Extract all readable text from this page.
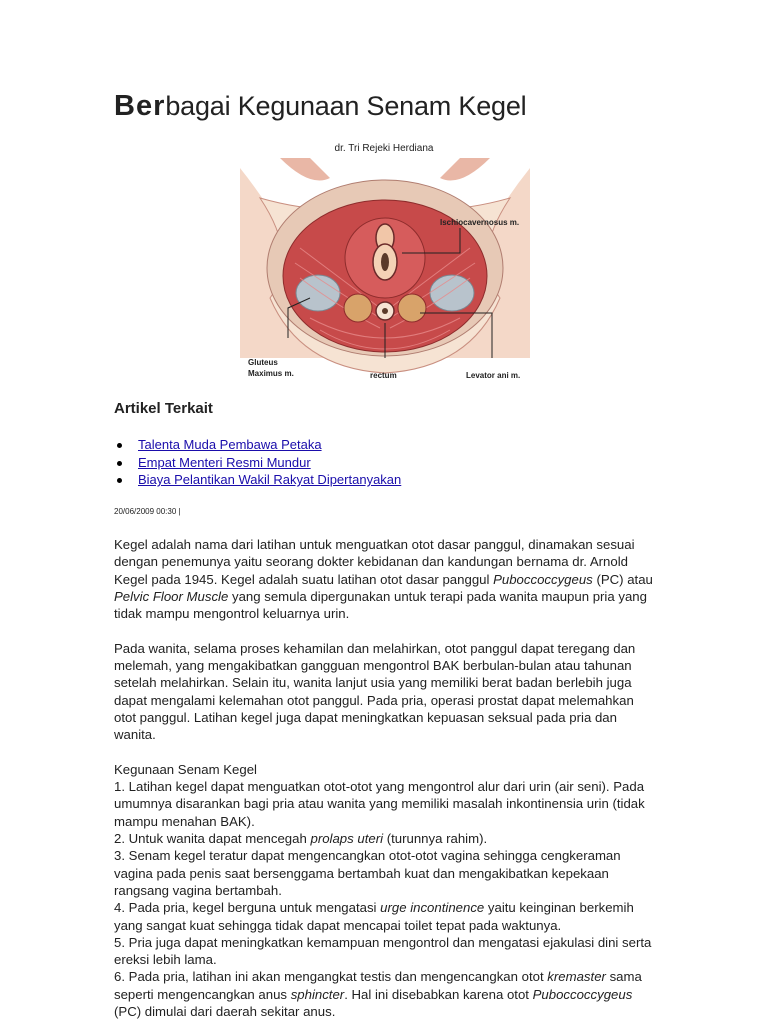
Berbagai Kegunaan Senam Kegel
dr. Tri Rejeki Herdiana
Ischiocavernosus m.
Gluteus
Maximus m.	rectum	Levator ani m.
Artikel Terkait
Talenta Muda Pembawa Petaka
Empat Menteri Resmi Mundur
Biaya Pelantikan Wakil Rakyat Dipertanyakan
20/06/2009 00:30 |

Kegel adalah nama dari latihan untuk menguatkan otot dasar panggul, dinamakan sesuai dengan penemunya yaitu seorang dokter kebidanan dan kandungan bernama dr. Arnold Kegel pada 1945. Kegel adalah suatu latihan otot dasar panggul Puboccoccygeus (PC) atau Pelvic Floor Muscle yang semula dipergunakan untuk terapi pada wanita maupun pria yang tidak mampu mengontrol keluarnya urin.

Pada wanita, selama proses kehamilan dan melahirkan, otot panggul dapat teregang dan melemah, yang mengakibatkan gangguan mengontrol BAK berbulan-bulan atau tahunan setelah melahirkan. Selain itu, wanita lanjut usia yang memiliki berat badan berlebih juga dapat mengalami kelemahan otot panggul. Pada pria, operasi prostat dapat melemahkan otot panggul. Latihan kegel juga dapat meningkatkan kepuasan seksual pada pria dan wanita.

Kegunaan Senam Kegel
1. Latihan kegel dapat menguatkan otot-otot yang mengontrol alur dari urin (air seni). Pada umumnya disarankan bagi pria atau wanita yang memiliki masalah inkontinensia urin (tidak mampu menahan BAK).
2. Untuk wanita dapat mencegah prolaps uteri (turunnya rahim).
3. Senam kegel teratur dapat mengencangkan otot-otot vagina sehingga cengkeraman vagina pada penis saat bersenggama bertambah kuat dan mengakibatkan kepekaan rangsang vagina bertambah.
4. Pada pria, kegel berguna untuk mengatasi urge incontinence yaitu keinginan berkemih yang sangat kuat sehingga tidak dapat mencapai toilet tepat pada waktunya.
5. Pria juga dapat meningkatkan kemampuan mengontrol dan mengatasi ejakulasi dini serta ereksi lebih lama.
6. Pada pria, latihan ini akan mengangkat testis dan mengencangkan otot kremaster sama seperti mengencangkan anus sphincter. Hal ini disebabkan karena otot Puboccoccygeus (PC) dimulai dari daerah sekitar anus.
